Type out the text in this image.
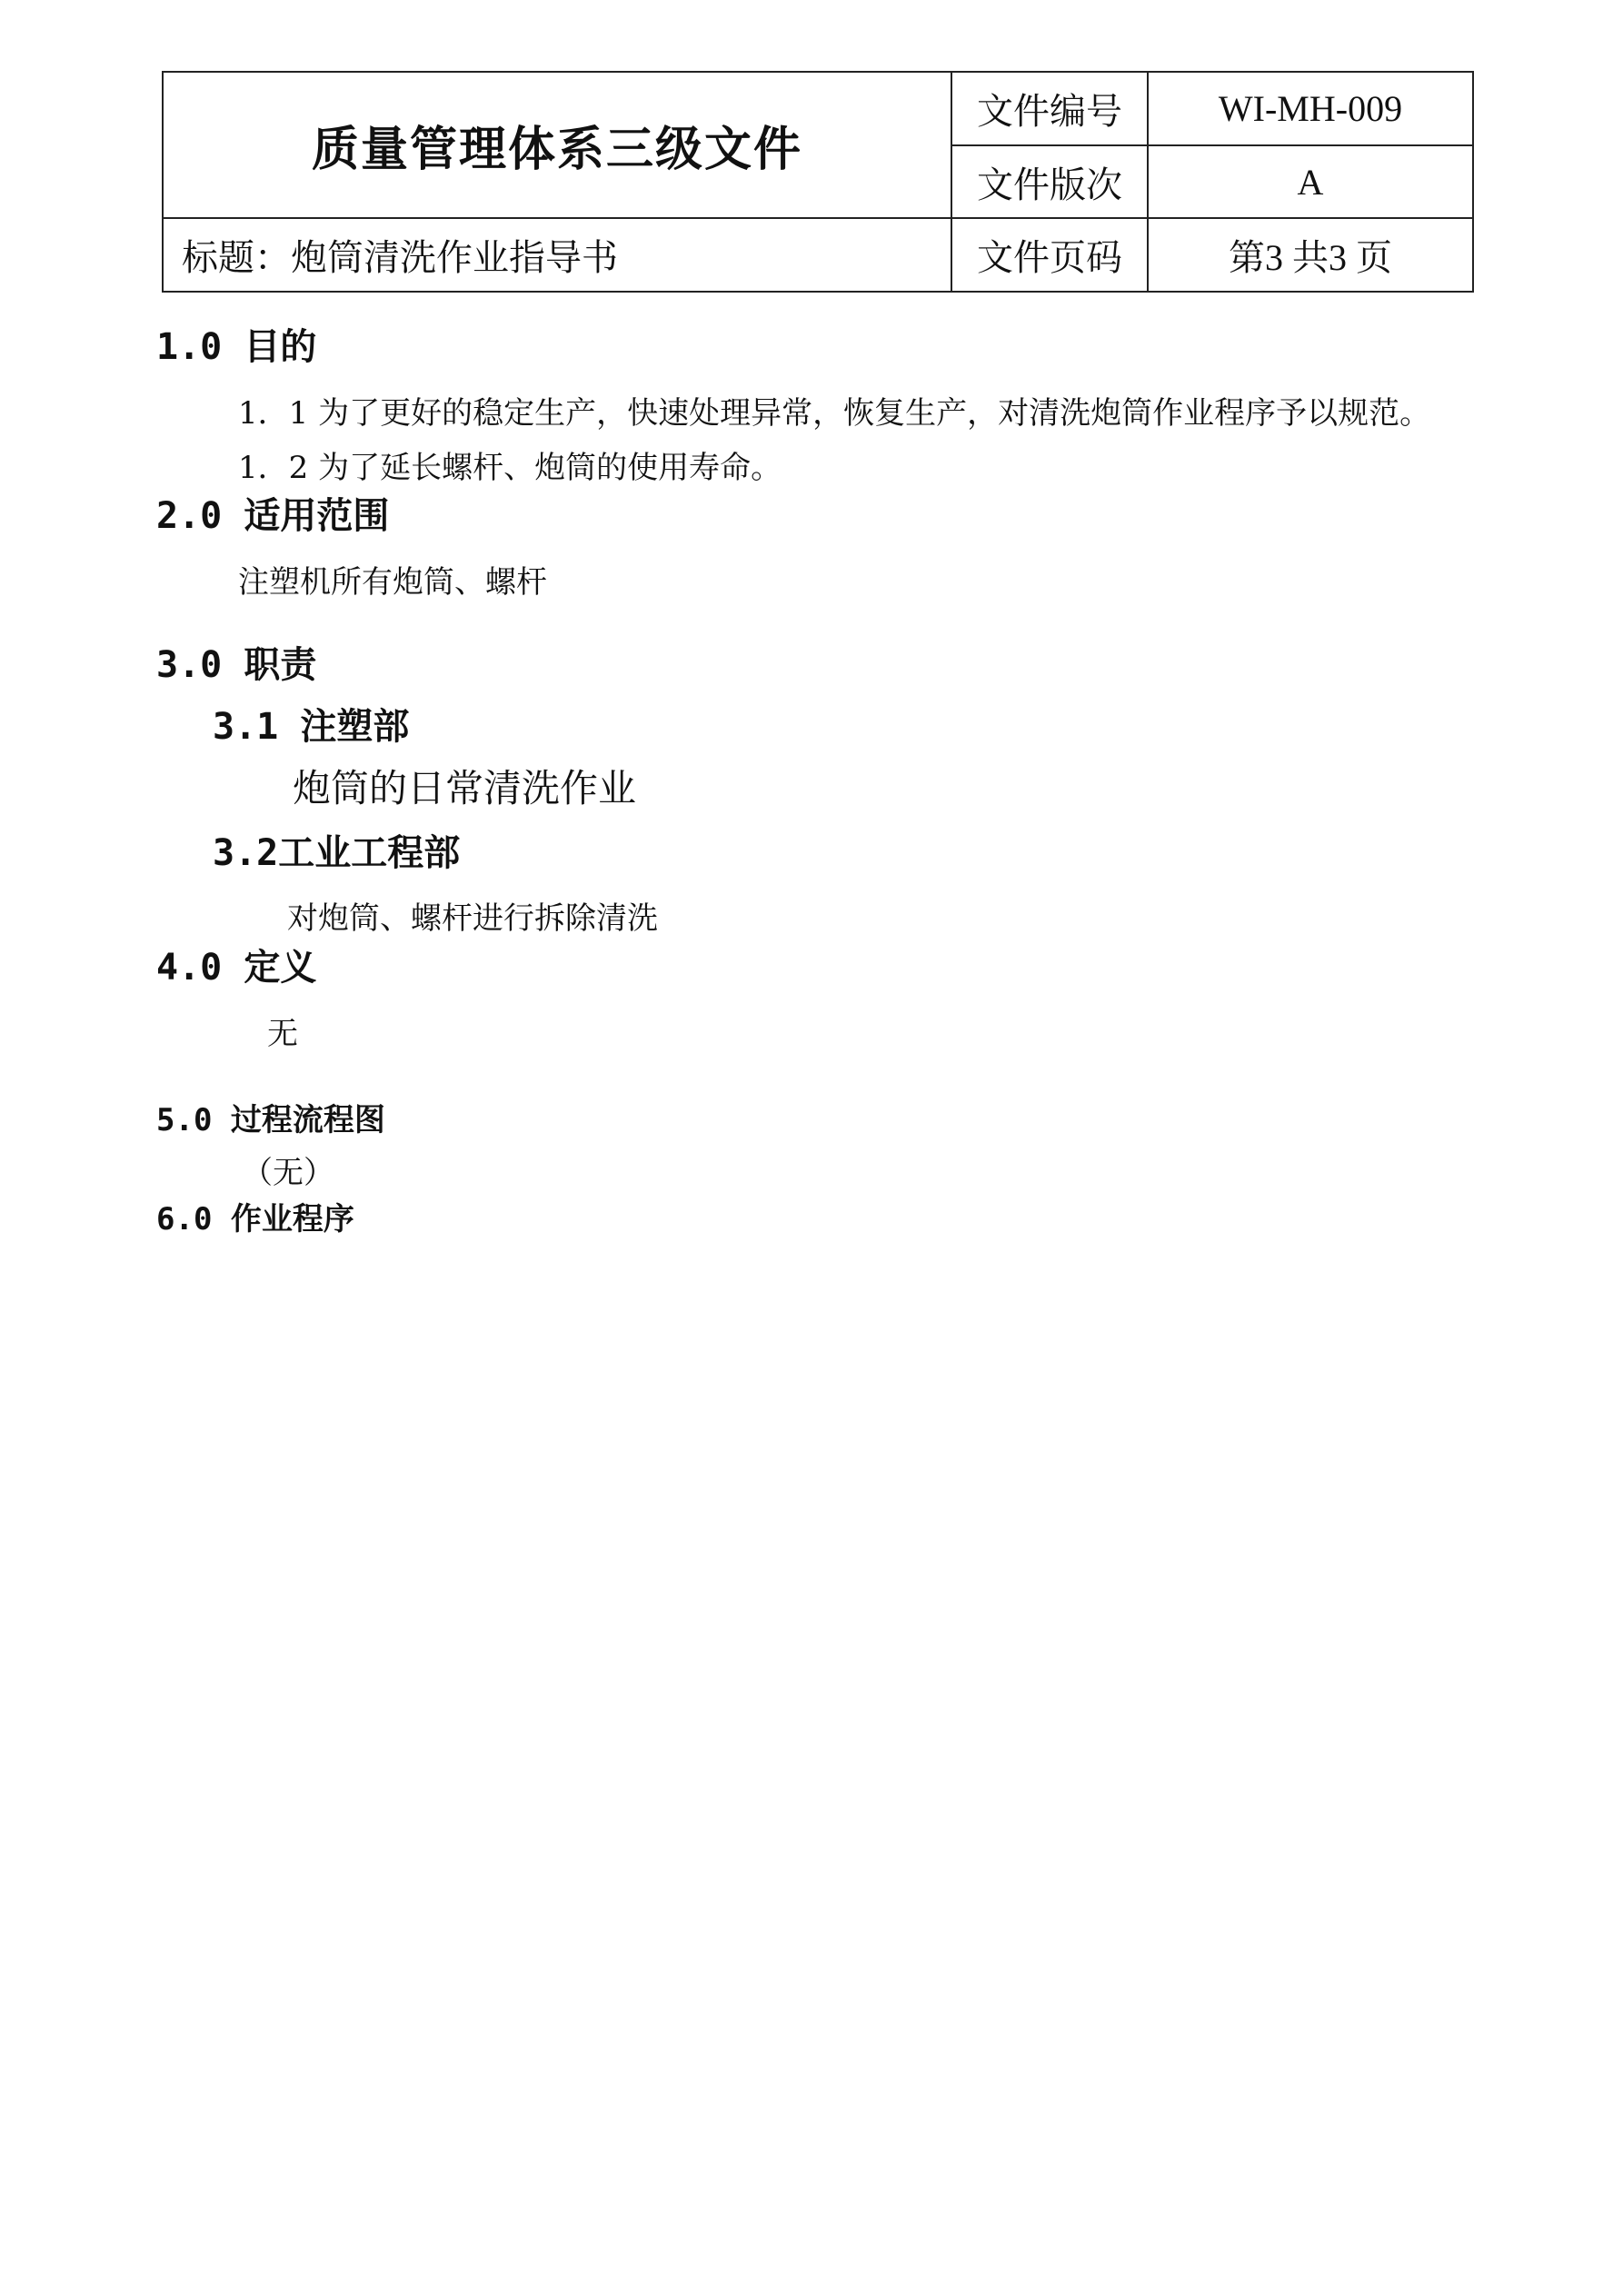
质量管理体系三级文件	文件编号	WI-MH-009
	文件版次	A
标题：炮筒清洗作业指导书	文件页码	第3 共3 页
1.0 目的
1．1 为了更好的稳定生产，快速处理异常，恢复生产，对清洗炮筒作业程序予以规范。
1．2 为了延长螺杆、炮筒的使用寿命。
2.0 适用范围
注塑机所有炮筒、螺杆
3.0 职责
3.1 注塑部
炮筒的日常清洗作业
3.2工业工程部
对炮筒、螺杆进行拆除清洗
4.0 定义
无
5.0 过程流程图
（无）
6.0 作业程序
